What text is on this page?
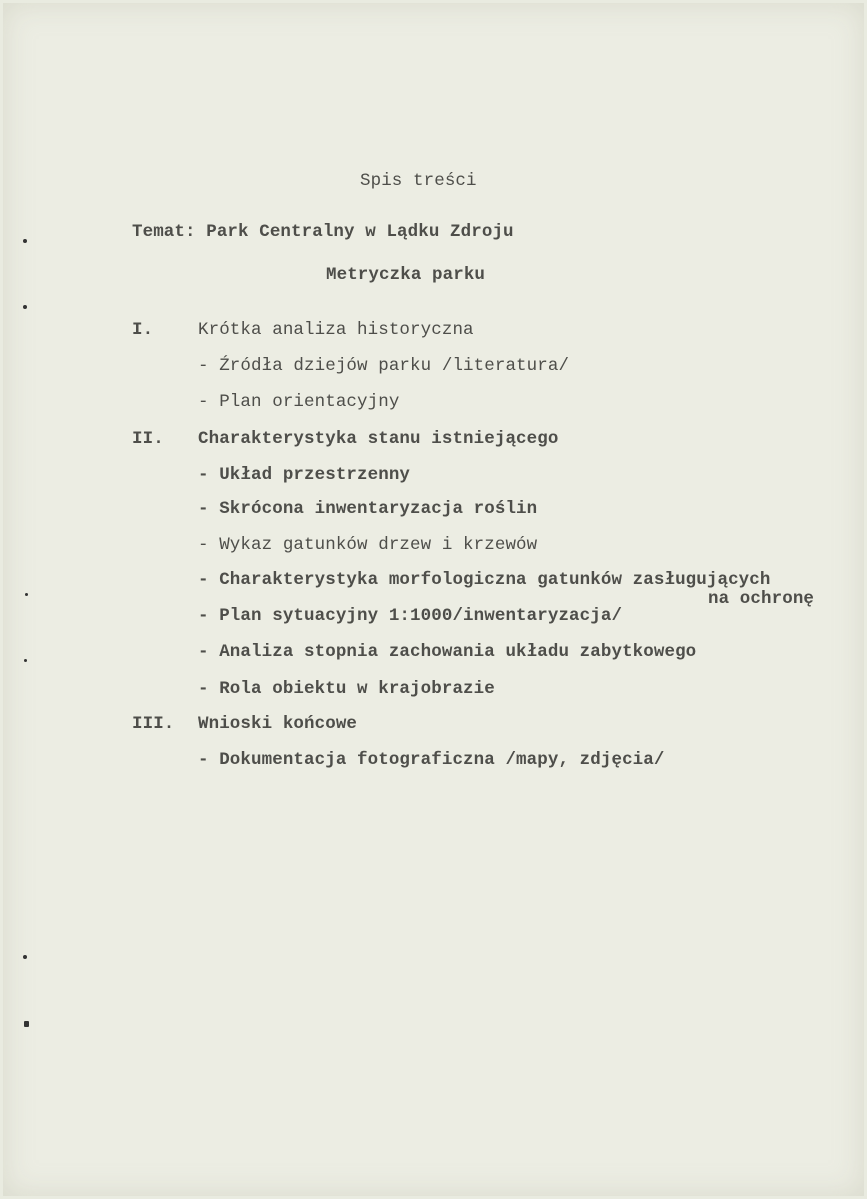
Spis treści
Temat: Park Centralny w Lądku Zdroju
Metryczka parku
I.	Krótka analiza historyczna
- Źródła dziejów parku /literatura/
- Plan orientacyjny
II. Charakterystyka stanu istniejącego
- Układ przestrzenny
- Skrócona inwentaryzacja roślin
- Wykaz gatunków drzew i krzewów
- Charakterystyka morfologiczna gatunków zasługujących
na ochronę
- Plan sytuacyjny 1:1000/inwentaryzacja/
- Analiza stopnia zachowania układu zabytkowego
- Rola obiektu w krajobrazie
III. Wnioski końcowe
- Dokumentacja fotograficzna /mapy, zdjęcia/
